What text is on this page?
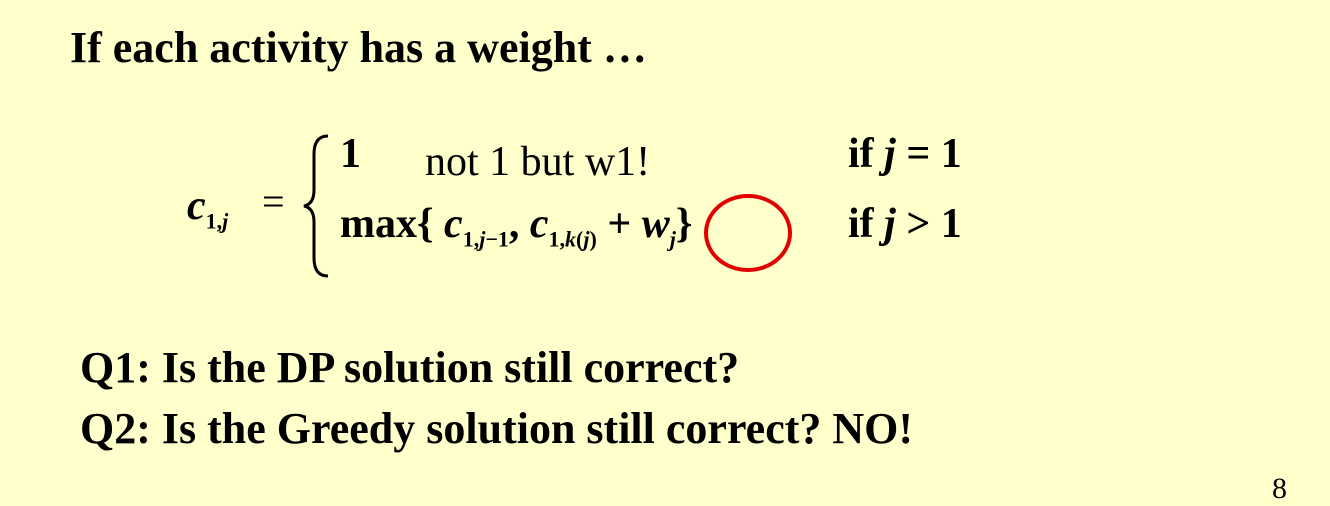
If each activity has a weight …
$c_{1,j}$ =
1 not 1 but w1!	if j = 1
max{ $c_{1,j-1}$, $c_{1,k(j)} + w_j$}	if j > 1
Q1: Is the DP solution still correct?
Q2: Is the Greedy solution still correct? NO!
8
